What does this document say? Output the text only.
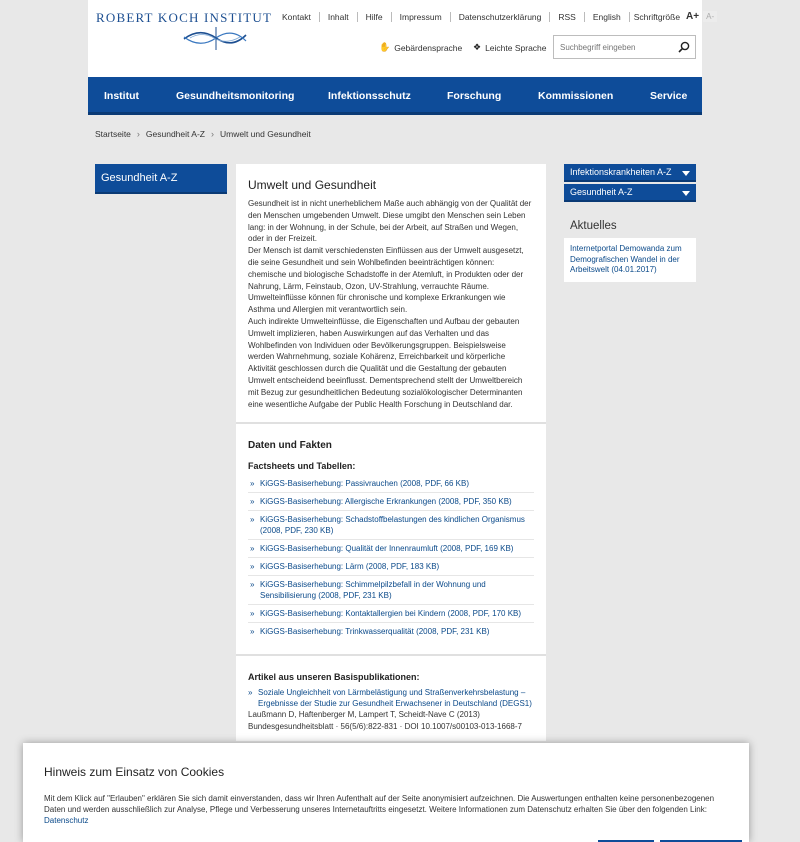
ROBERT KOCH INSTITUT	Kontakt	Inhalt	Hilfe	Impressum	Datenschutzerklärung	RSS	English	Schriftgröße A+ A-
✋ Gebärdensprache ❖ Leichte Sprache
Suchbegriff eingeben
Institut	Gesundheitsmonitoring	Infektionsschutz	Forschung	Kommissionen	Service
Startseite › Gesundheit A-Z › Umwelt und Gesundheit
Gesundheit A-Z	Umwelt und Gesundheit

Gesundheit ist in nicht unerheblichem Maße auch abhängig von der Qualität der den Menschen umgebenden Umwelt. Diese umgibt den Menschen sein Leben lang: in der Wohnung, in der Schule, bei der Arbeit, auf Straßen und Wegen, oder in der Freizeit.

Der Mensch ist damit verschiedensten Einflüssen aus der Umwelt ausgesetzt, die seine Gesundheit und sein Wohlbefinden beeinträchtigen können: chemische und biologische Schadstoffe in der Atemluft, in Produkten oder der Nahrung, Lärm, Feinstaub, Ozon, UV-Strahlung, verrauchte Räume. Umwelteinflüsse können für chronische und komplexe Erkrankungen wie Asthma und Allergien mit verantwortlich sein.

Auch indirekte Umwelteinflüsse, die Eigenschaften und Aufbau der gebauten Umwelt implizieren, haben Auswirkungen auf das Verhalten und das Wohlbefinden von Individuen oder Bevölkerungsgruppen. Beispielsweise werden Wahrnehmung, soziale Kohärenz, Erreichbarkeit und körperliche Aktivität geschlossen durch die Qualität und die Gestaltung der gebauten Umwelt entscheidend beeinflusst. Dementsprechend stellt der Umweltbereich mit Bezug zur gesundheitlichen Bedeutung sozialökologischer Determinanten eine wesentliche Aufgabe der Public Health Forschung in Deutschland dar.

Daten und Fakten
Factsheets und Tabellen:
» KiGGS-Basiserhebung: Passivrauchen (2008, PDF, 66 KB)
» KiGGS-Basiserhebung: Allergische Erkrankungen (2008, PDF, 350 KB)
» KiGGS-Basiserhebung: Schadstoffbelastungen des kindlichen Organismus (2008, PDF, 230 KB)
» KiGGS-Basiserhebung: Qualität der Innenraumluft (2008, PDF, 169 KB)
» KiGGS-Basiserhebung: Lärm (2008, PDF, 183 KB)
» KiGGS-Basiserhebung: Schimmelpilzbefall in der Wohnung und Sensibilisierung (2008, PDF, 231 KB)
» KiGGS-Basiserhebung: Kontaktallergien bei Kindern (2008, PDF, 170 KB)
» KiGGS-Basiserhebung: Trinkwasserqualität (2008, PDF, 231 KB)
Artikel aus unseren Basispublikationen:
» Soziale Ungleichheit von Lärmbelästigung und Straßenverkehrsbelastung – Ergebnisse der Studie zur Gesundheit Erwachsener in Deutschland (DEGS1)
Laußmann D, Haftenberger M, Lampert T, Scheidt-Nave C (2013)
Bundesgesundheitsblatt · 56(5/6):822-831 · DOI 10.1007/s00103-013-1668-7
Infektionskrankheiten A-Z
Gesundheit A-Z
Aktuelles
Internetportal Demowanda zum Demografischen Wandel in der Arbeitswelt (04.01.2017)
Hinweis zum Einsatz von Cookies

Mit dem Klick auf "Erlauben" erklären Sie sich damit einverstanden, dass wir Ihren Aufenthalt auf der Seite anonymisiert aufzeichnen. Die Auswertungen enthalten keine personenbezogenen Daten und werden ausschließlich zur Analyse, Pflege und Verbesserung unseres Internetauftritts eingesetzt. Weitere Informationen zum Datenschutz erhalten Sie über den folgenden Link:
Datenschutz
